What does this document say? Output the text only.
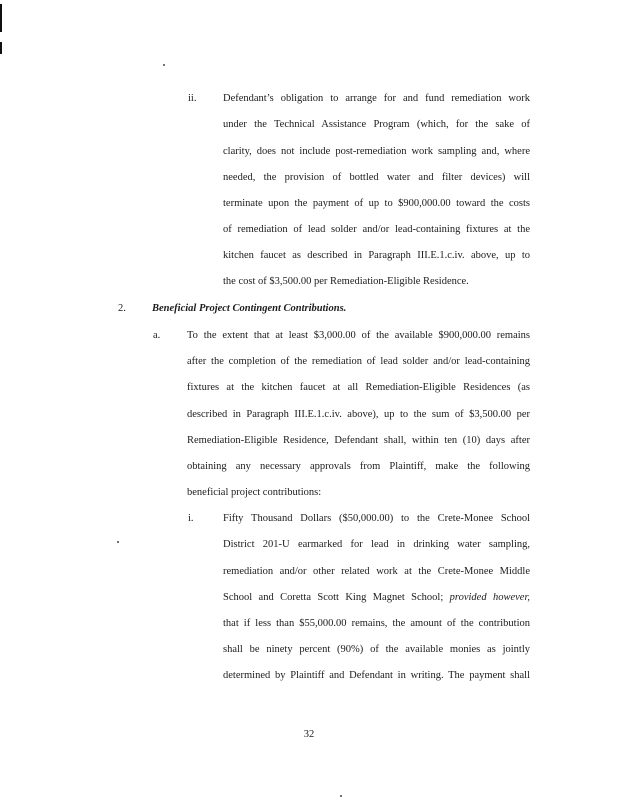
ii.	Defendant’s obligation to arrange for and fund remediation work
under the Technical Assistance Program (which, for the sake of
clarity, does not include post-remediation work sampling and, where
needed, the provision of bottled water and filter devices) will
terminate upon the payment of up to $900,000.00 toward the costs
of remediation of lead solder and/or lead-containing fixtures at the
kitchen faucet as described in Paragraph III.E.1.c.iv. above, up to
the cost of $3,500.00 per Remediation-Eligible Residence.
2. Beneficial Project Contingent Contributions.
a.	To the extent that at least $3,000.00 of the available $900,000.00 remains
after the completion of the remediation of lead solder and/or lead-containing
fixtures at the kitchen faucet at all Remediation-Eligible Residences (as
described in Paragraph III.E.1.c.iv. above), up to the sum of $3,500.00 per
Remediation-Eligible Residence, Defendant shall, within ten (10) days after
obtaining any necessary approvals from Plaintiff, make the following
beneficial project contributions:
i.	Fifty Thousand Dollars ($50,000.00) to the Crete-Monee School
District 201-U earmarked for lead in drinking water sampling,
remediation and/or other related work at the Crete-Monee Middle
School and Coretta Scott King Magnet School; provided however,
that if less than $55,000.00 remains, the amount of the contribution
shall be ninety percent (90%) of the available monies as jointly
determined by Plaintiff and Defendant in writing. The payment shall
32
